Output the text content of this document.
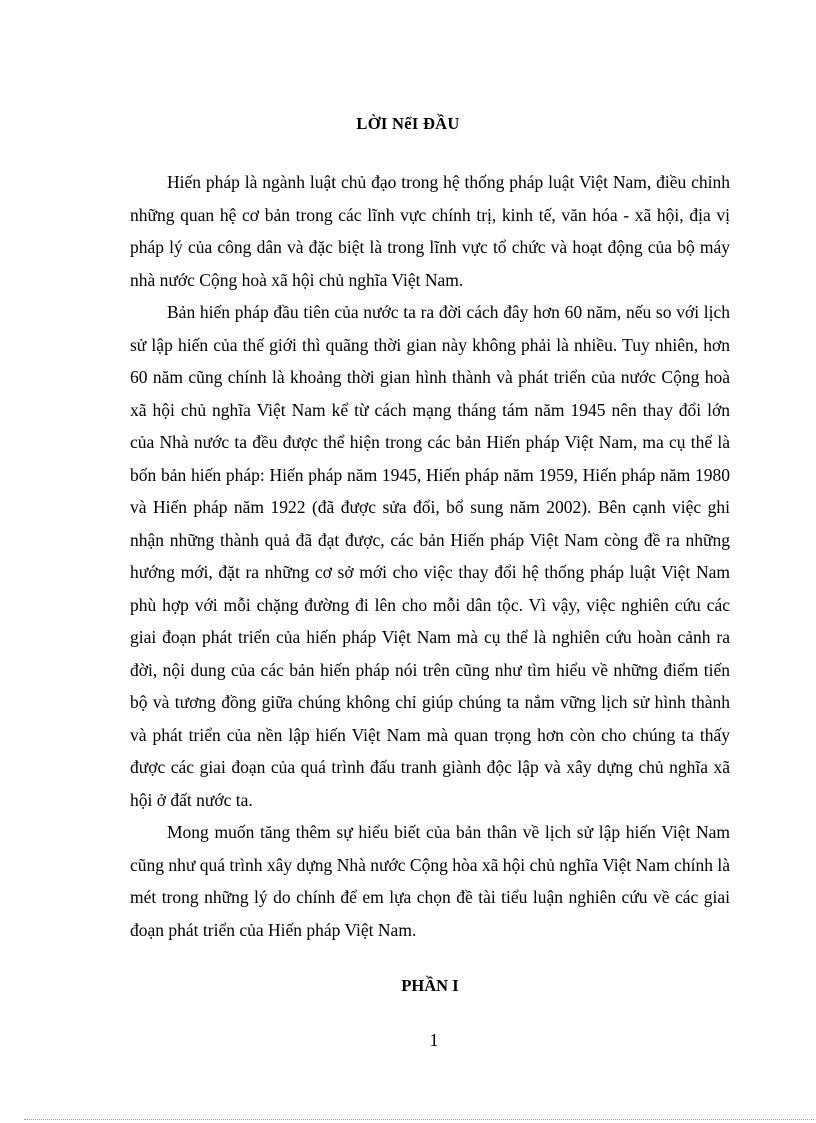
LỜI NểI ĐẦU

Hiến pháp là ngành luật chủ đạo trong hệ thống pháp luật Việt Nam, điều chỉnh những quan hệ cơ bản trong các lĩnh vực chính trị, kinh tế, văn hóa - xã hội, địa vị pháp lý của công dân và đặc biệt là trong lĩnh vực tổ chức và hoạt động của bộ máy nhà nước Cộng hoà xã hội chủ nghĩa Việt Nam.

Bản hiến pháp đầu tiên của nước ta ra đời cách đây hơn 60 năm, nếu so với lịch sử lập hiến của thế giới thì quãng thời gian này không phải là nhiều. Tuy nhiên, hơn 60 năm cũng chính là khoảng thời gian hình thành và phát triển của nước Cộng hoà xã hội chủ nghĩa Việt Nam kể từ cách mạng tháng tám năm 1945 nên thay đổi lớn của Nhà nước ta đều được thể hiện trong các bản Hiến pháp Việt Nam, ma cụ thể là bốn bản hiến pháp: Hiến pháp năm 1945, Hiến pháp năm 1959, Hiến pháp năm 1980 và Hiến pháp năm 1922 (đã được sửa đổi, bổ sung năm 2002). Bên cạnh việc ghi nhận những thành quả đã đạt được, các bản Hiến pháp Việt Nam còng đề ra những hướng mới, đặt ra những cơ sở mới cho việc thay đổi hệ thống pháp luật Việt Nam phù hợp với mỗi chặng đường đi lên cho mỗi dân tộc. Vì vậy, việc nghiên cứu các giai đoạn phát triển của hiến pháp Việt Nam mà cụ thể là nghiên cứu hoàn cảnh ra đời, nội dung của các bản hiến pháp nói trên cũng như tìm hiểu về những điểm tiến bộ và tương đồng giữa chúng không chỉ giúp chúng ta nắm vững lịch sử hình thành và phát triển của nền lập hiến Việt Nam mà quan trọng hơn còn cho chúng ta thấy được các giai đoạn của quá trình đấu tranh giành độc lập và xây dựng chủ nghĩa xã hội ở đất nước ta.

Mong muốn tăng thêm sự hiểu biết của bản thân về lịch sử lập hiến Việt Nam cũng như quá trình xây dựng Nhà nước Cộng hòa xã hội chủ nghĩa Việt Nam chính là mét trong những lý do chính để em lựa chọn đề tài tiểu luận nghiên cứu về các giai đoạn phát triển của Hiến pháp Việt Nam.

PHẦN I
1
